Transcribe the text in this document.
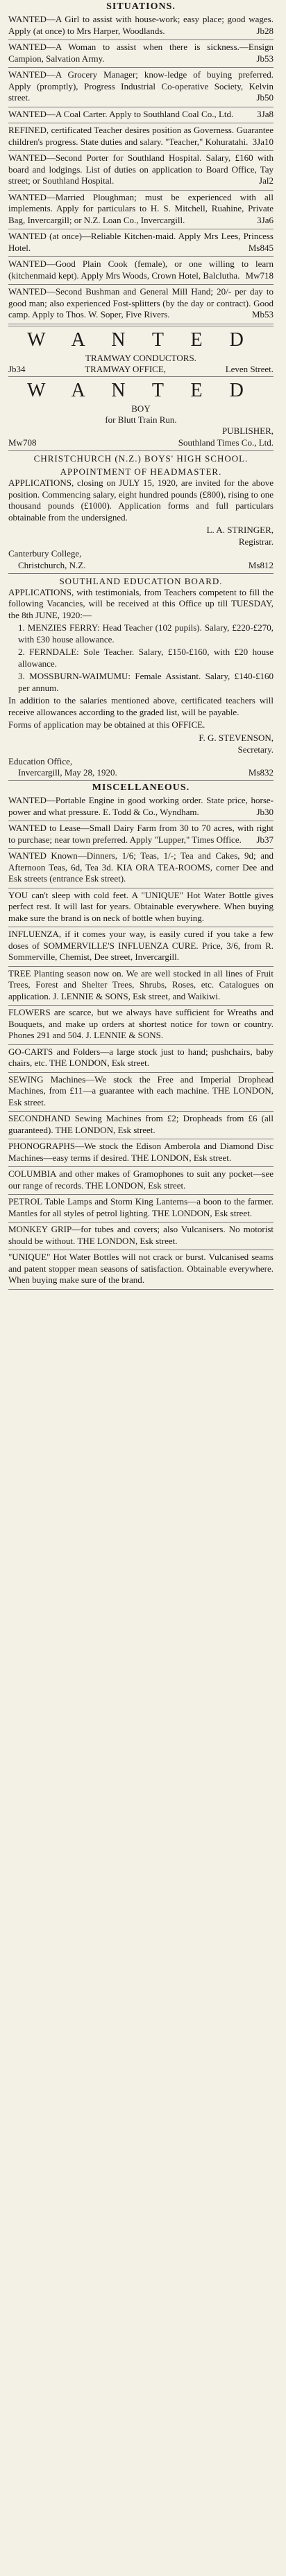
SITUATIONS.

WANTED—A Girl to assist with house-work; easy place; good wages. Apply (at once) to Mrs Harper, Woodlands.	Jb28

WANTED—A Woman to assist when there is sickness.—Ensign Campion, Salvation Army.	Jb53

WANTED—A Grocery Manager; know-ledge of buying preferred. Apply (promptly), Progress Industrial Co-operative Society, Kelvin street.	Jb50

WANTED—A Coal Carter. Apply to Southland Coal Co., Ltd.	3Ja8

REFINED, certificated Teacher desires position as Governess. Guarantee children's progress. State duties and salary. "Teacher," Kohuratahi. 3Ja10

WANTED—Second Porter for Southland Hospital. Salary, £160 with board and lodgings. List of duties on application to Board Office, Tay street; or Southland Hospital.	Jal2

WANTED—Married Ploughman; must be experienced with all implements. Apply for particulars to H. S. Mitchell, Ruahine, Private Bag, Invercargill; or N.Z. Loan Co., Invercargill.	3Ja6

WANTED (at once)—Reliable Kitchen-maid. Apply Mrs Lees, Princess Hotel.	Ms845

WANTED—Good Plain Cook (female), or one willing to learn (kitchenmaid kept). Apply Mrs Woods, Crown Hotel, Balclutha. Mw718

WANTED—Second Bushman and General Mill Hand; 20/- per day to good man; also experienced Fost-splitters (by the day or contract). Good camp. Apply to Thos. W. Soper, Five Rivers.	Mb53

W A N T E D
TRAMWAY CONDUCTORS.
Jb34	TRAMWAY OFFICE,	Leven Street.
W A N T E D
BOY
for Blutt Train Run.
PUBLISHER,
Mw708	Southland Times Co., Ltd.
CHRISTCHURCH (N.Z.) BOYS' HIGH SCHOOL.
APPOINTMENT OF HEADMASTER.

APPLICATIONS, closing on JULY 15, 1920, are invited for the above position. Commencing salary, eight hundred pounds (£800), rising to one thousand pounds (£1000). Application forms and full particulars obtainable from the undersigned.

L. A. STRINGER,
Registrar.
Canterbury College,
Christchurch, N.Z.	Ms812
SOUTHLAND EDUCATION BOARD.

APPLICATIONS, with testimonials, from Teachers competent to fill the following Vacancies, will be received at this Office up till TUESDAY, the 8th JUNE, 1920:—

1. MENZIES FERRY: Head Teacher (102 pupils). Salary, £220-£270, with £30 house allowance.

2. FERNDALE: Sole Teacher. Salary, £150-£160, with £20 house allowance.

3. MOSSBURN-WAIMUMU: Female Assistant. Salary, £140-£160 per annum.

In addition to the salaries mentioned above, certificated teachers will receive allowances according to the graded list, will be payable.

Forms of application may be obtained at this OFFICE.

F. G. STEVENSON,
Secretary.
Education Office,
Invercargill, May 28, 1920.	Ms832
MISCELLANEOUS.

WANTED—Portable Engine in good working order. State price, horse-power and what pressure. E. Todd & Co., Wyndham.	Jb30

WANTED to Lease—Small Dairy Farm from 30 to 70 acres, with right to purchase; near town preferred. Apply "Lupper," Times Office.	Jb37

WANTED Known—Dinners, 1/6; Teas, 1/-; Tea and Cakes, 9d; and Afternoon Teas, 6d, Tea 3d. KIA ORA TEA-ROOMS, corner Dee and Esk streets (entrance Esk street).

YOU can't sleep with cold feet. A "UNIQUE" Hot Water Bottle gives perfect rest. It will last for years. Obtainable everywhere. When buying make sure the brand is on neck of bottle when buying.

INFLUENZA, if it comes your way, is easily cured if you take a few doses of SOMMERVILLE'S INFLUENZA CURE. Price, 3/6, from R. Sommerville, Chemist, Dee street, Invercargill.

TREE Planting season now on. We are well stocked in all lines of Fruit Trees, Forest and Shelter Trees, Shrubs, Roses, etc. Catalogues on application. J. LENNIE & SONS, Esk street, and Waikiwi.

FLOWERS are scarce, but we always have sufficient for Wreaths and Bouquets, and make up orders at shortest notice for town or country. Phones 291 and 504. J. LENNIE & SONS.

GO-CARTS and Folders—a large stock just to hand; pushchairs, baby chairs, etc. THE LONDON, Esk street.

SEWING Machines—We stock the Free and Imperial Drophead Machines, from £11—a guarantee with each machine. THE LONDON, Esk street.

SECONDHAND Sewing Machines from £2; Dropheads from £6 (all guaranteed). THE LONDON, Esk street.

PHONOGRAPHS—We stock the Edison Amberola and Diamond Disc Machines—easy terms if desired. THE LONDON, Esk street.

COLUMBIA and other makes of Gramophones to suit any pocket—see our range of records. THE LONDON, Esk street.

PETROL Table Lamps and Storm King Lanterns—a boon to the farmer. Mantles for all styles of petrol lighting. THE LONDON, Esk street.

MONKEY GRIP—for tubes and covers; also Vulcanisers. No motorist should be without. THE LONDON, Esk street.

"UNIQUE" Hot Water Bottles will not crack or burst. Vulcanised seams and patent stopper mean seasons of satisfaction. Obtainable everywhere. When buying make sure of the brand.
